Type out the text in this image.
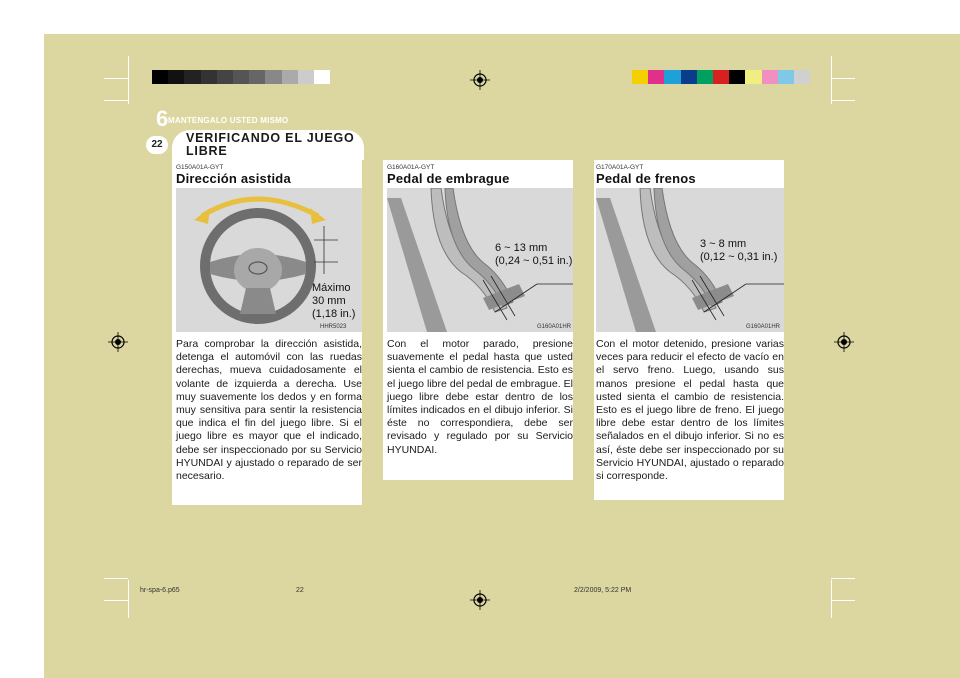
6 MANTENGALO USTED MISMO
22	VERIFICANDO EL JUEGO LIBRE
G150A01A-GYT
Dirección asistida
Máximo
30 mm
(1,18 in.)
HHR5023
Para comprobar la dirección asistida, detenga el automóvil con las ruedas derechas, mueva cuidadosamente el volante de izquierda a derecha. Use muy suavemente los dedos y en forma muy sensitiva para sentir la resistencia que indica el fin del juego libre. Si el juego libre es mayor que el indicado, debe ser inspeccionado por su Servicio HYUNDAI y ajustado o reparado de ser necesario.
G160A01A-GYT
Pedal de embrague
6 ~ 13 mm
(0,24 ~ 0,51 in.)
G160A01HR
Con el motor parado, presione suavemente el pedal hasta que usted sienta el cambio de resistencia. Esto es el juego libre del pedal de embrague. El juego libre debe estar dentro de los límites indicados en el dibujo inferior. Si éste no correspondiera, debe ser revisado y regulado por su Servicio HYUNDAI.
G170A01A-GYT
Pedal de frenos
3 ~ 8 mm
(0,12 ~ 0,31 in.)
G160A01HR
Con el motor detenido, presione varias veces para reducir el efecto de vacío en el servo freno. Luego, usando sus manos presione el pedal hasta que usted sienta el cambio de resistencia. Esto es el juego libre de freno. El juego libre debe estar dentro de los límites señalados en el dibujo inferior. Si no es así, éste debe ser inspeccionado por su Servicio HYUNDAI, ajustado o reparado si corresponde.
hr-spa-6.p65	22	2/2/2009, 5:22 PM
